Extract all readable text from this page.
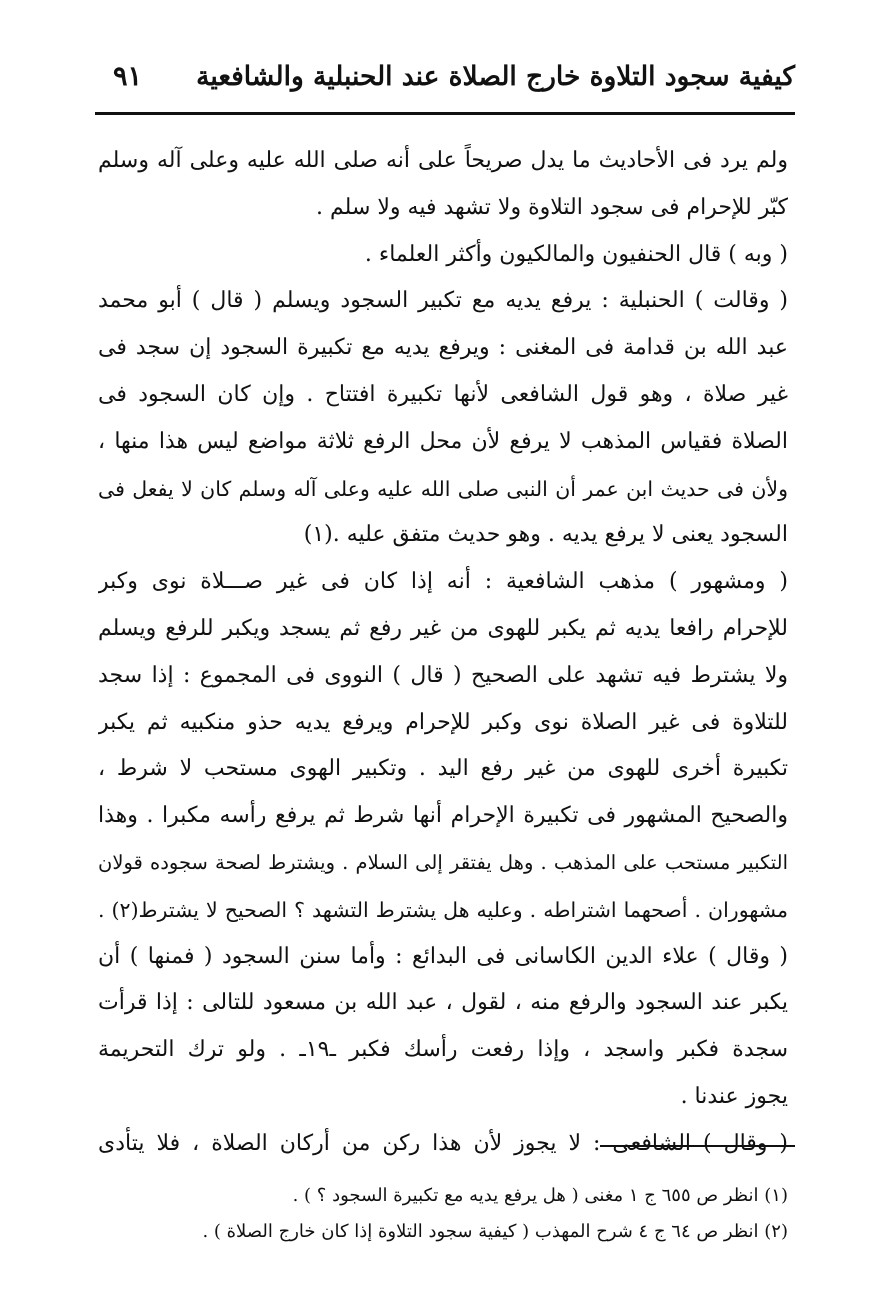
كيفية سجود التلاوة خارج الصلاة عند الحنبلية والشافعية
٩١
ولم يرد فى الأحاديث ما يدل صريحاً على أنه صلى الله عليه وعلى آله وسلم
كبّر للإحرام فى سجود التلاوة ولا تشهد فيه ولا سلم .
( وبه ) قال الحنفيون والمالكيون وأكثر العلماء .
( وقالت ) الحنبلية : يرفع يديه مع تكبير السجود ويسلم ( قال ) أبو محمد
عبد الله بن قدامة فى المغنى : ويرفع يديه مع تكبيرة السجود إن سجد فى
غير صلاة ، وهو قول الشافعى لأنها تكبيرة افتتاح . وإن كان السجود فى
الصلاة فقياس المذهب لا يرفع لأن محل الرفع ثلاثة مواضع ليس هذا منها ،
ولأن فى حديث ابن عمر أن النبى صلى الله عليه وعلى آله وسلم كان لا يفعل فى
السجود يعنى لا يرفع يديه . وهو حديث متفق عليه .(١)
( ومشهور ) مذهب الشافعية : أنه إذا كان فى غير صـــلاة نوى وكبر
للإحرام رافعا يديه ثم يكبر للهوى من غير رفع ثم يسجد ويكبر للرفع ويسلم
ولا يشترط فيه تشهد على الصحيح ( قال ) النووى فى المجموع : إذا سجد
للتلاوة فى غير الصلاة نوى وكبر للإحرام ويرفع يديه حذو منكبيه ثم يكبر
تكبيرة أخرى للهوى من غير رفع اليد . وتكبير الهوى مستحب لا شرط ،
والصحيح المشهور فى تكبيرة الإحرام أنها شرط ثم يرفع رأسه مكبرا . وهذا
التكبير مستحب على المذهب . وهل يفتقر إلى السلام . ويشترط لصحة سجوده قولان
مشهوران . أصحهما اشتراطه . وعليه هل يشترط التشهد ؟ الصحيح لا يشترط(٢) .
( وقال ) علاء الدين الكاسانى فى البدائع : وأما سنن السجود ( فمنها ) أن
يكبر عند السجود والرفع منه ، لقول ، عبد الله بن مسعود للتالى : إذا قرأت
سجدة فكبر واسجد ، وإذا رفعت رأسك فكبر ـ١٩ـ . ولو ترك التحريمة
يجوز عندنا .
( وقال ) الشافعى : لا يجوز لأن هذا ركن من أركان الصلاة ، فلا يتأدى
(١) انظر ص ٦٥٥ ج ١ مغنى ( هل يرفع يديه مع تكبيرة السجود ؟ ) .
(٢) انظر ص ٦٤ ج ٤ شرح المهذب ( كيفية سجود التلاوة إذا كان خارج الصلاة ) .
